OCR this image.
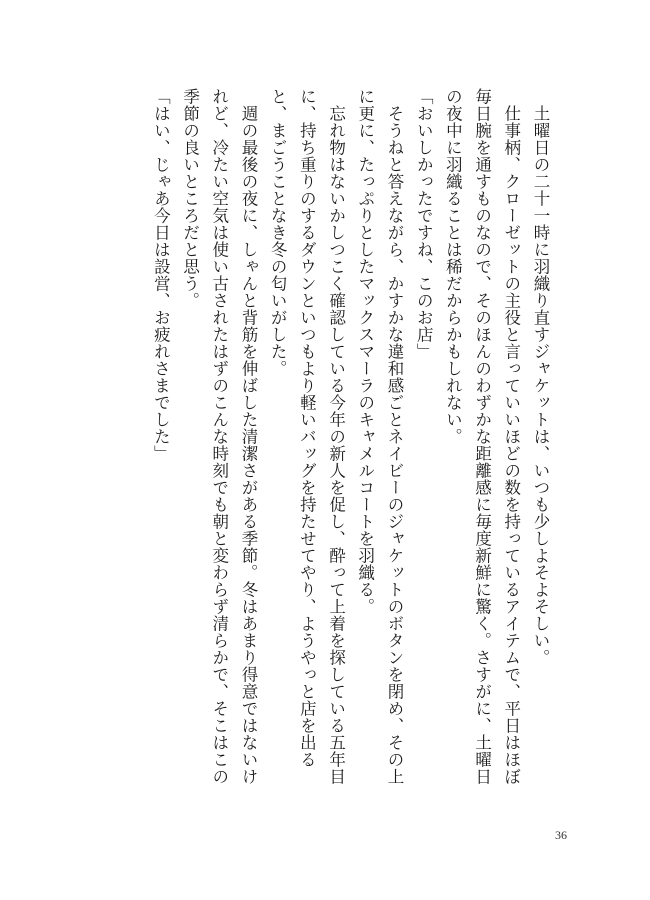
土曜日の二十一時に羽織り直すジャケットは、いつも少しよそよそしい。

仕事柄、クローゼットの主役と言っていいほどの数を持っているアイテムで、平日はほぼ毎日腕を通すものなので、そのほんのわずかな距離感に毎度新鮮に驚く。さすがに、土曜日の夜中に羽織ることは稀だからかもしれない。

「おいしかったですね、このお店」

そうねと答えながら、かすかな違和感ごとネイビーのジャケットのボタンを閉め、その上に更に、たっぷりとしたマックスマーラのキャメルコートを羽織る。

忘れ物はないかしつこく確認している今年の新人を促し、酔って上着を探している五年目に、持ち重りのするダウンといつもより軽いバッグを持たせてやり、ようやっと店を出ると、まごうことなき冬の匂いがした。

週の最後の夜に、しゃんと背筋を伸ばした清潔さがある季節。冬はあまり得意ではないけれど、冷たい空気は使い古されたはずのこんな時刻でも朝と変わらず清らかで、そこはこの季節の良いところだと思う。

「はい、じゃあ今日は設営、お疲れさまでした」

36
